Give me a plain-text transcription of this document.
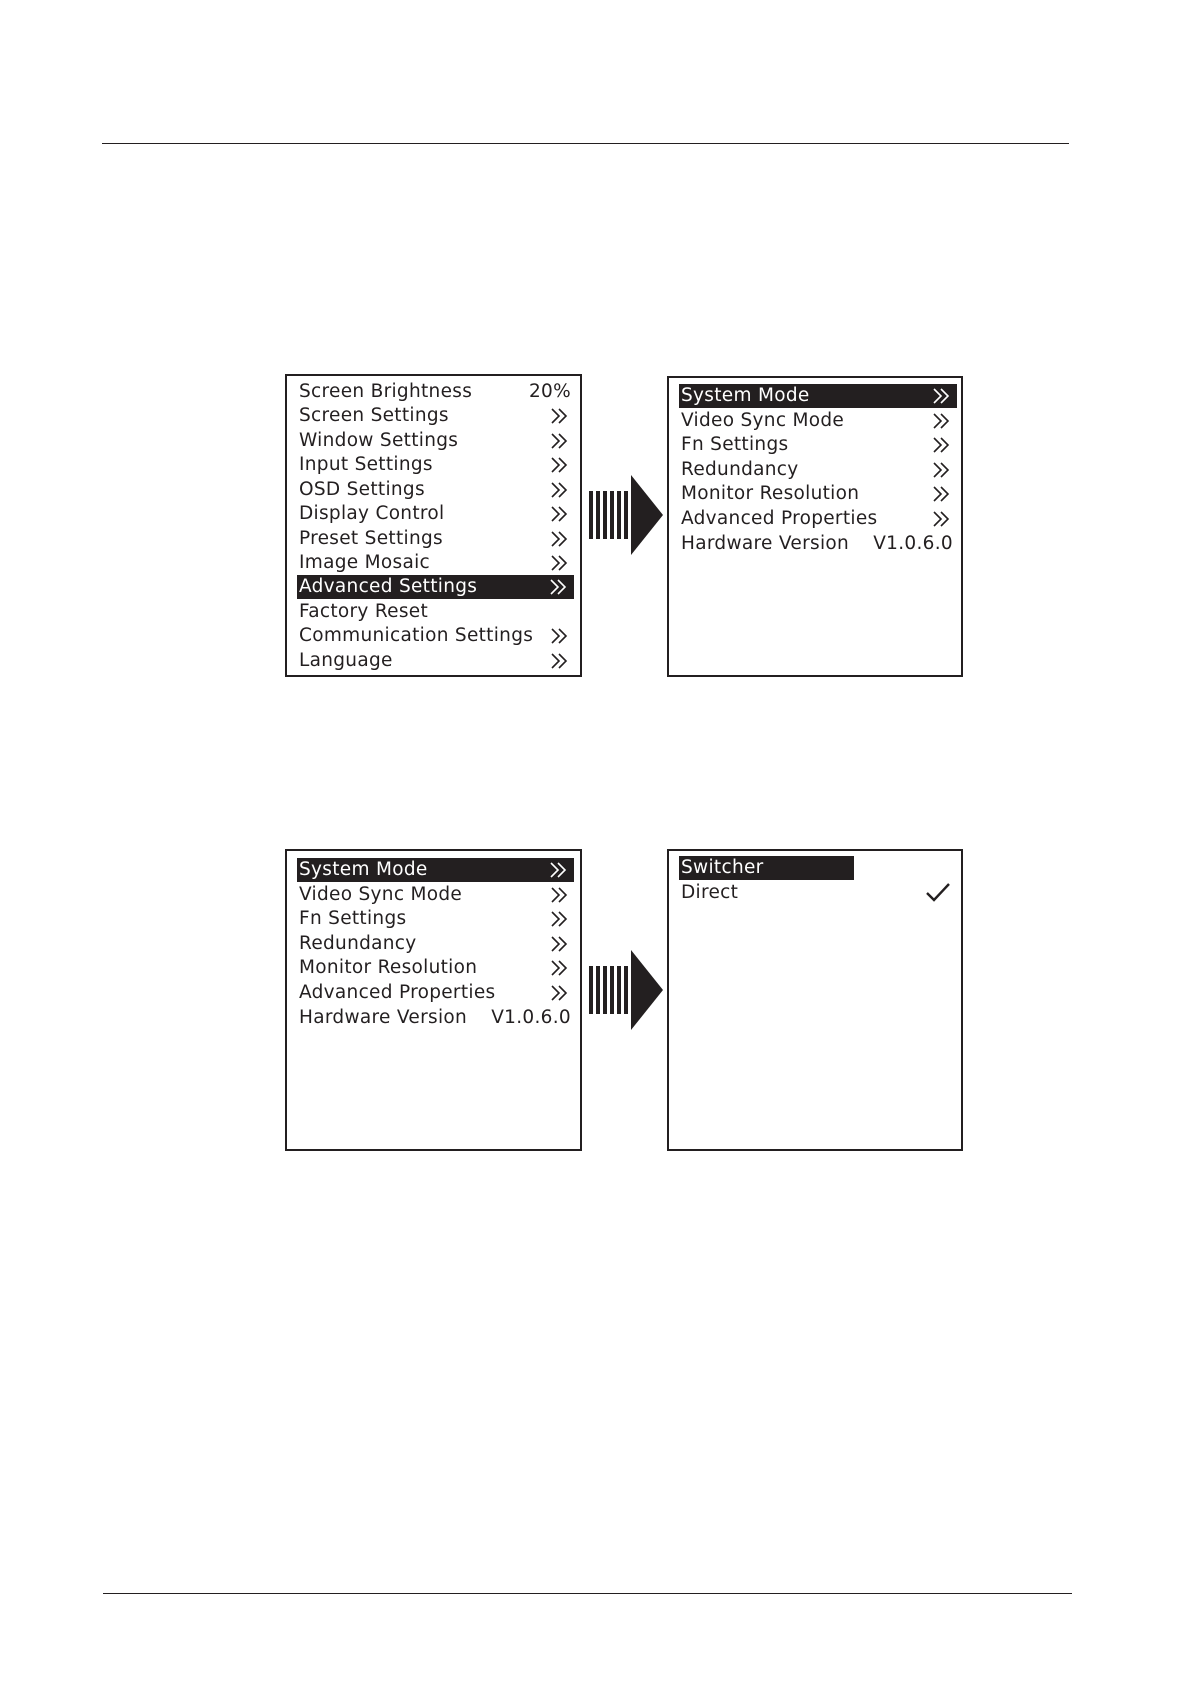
Screen Brightness	20%
Screen Settings
Window Settings
Input Settings
OSD Settings
Display Control
Preset Settings
Image Mosaic
Advanced Settings
Factory Reset
Communication Settings
Language
System Mode
Video Sync Mode
Fn Settings
Redundancy
Monitor Resolution
Advanced Properties
Hardware Version V1.0.6.0
System Mode
Video Sync Mode
Fn Settings
Redundancy
Monitor Resolution
Advanced Properties
Hardware Version V1.0.6.0
Switcher
Direct
